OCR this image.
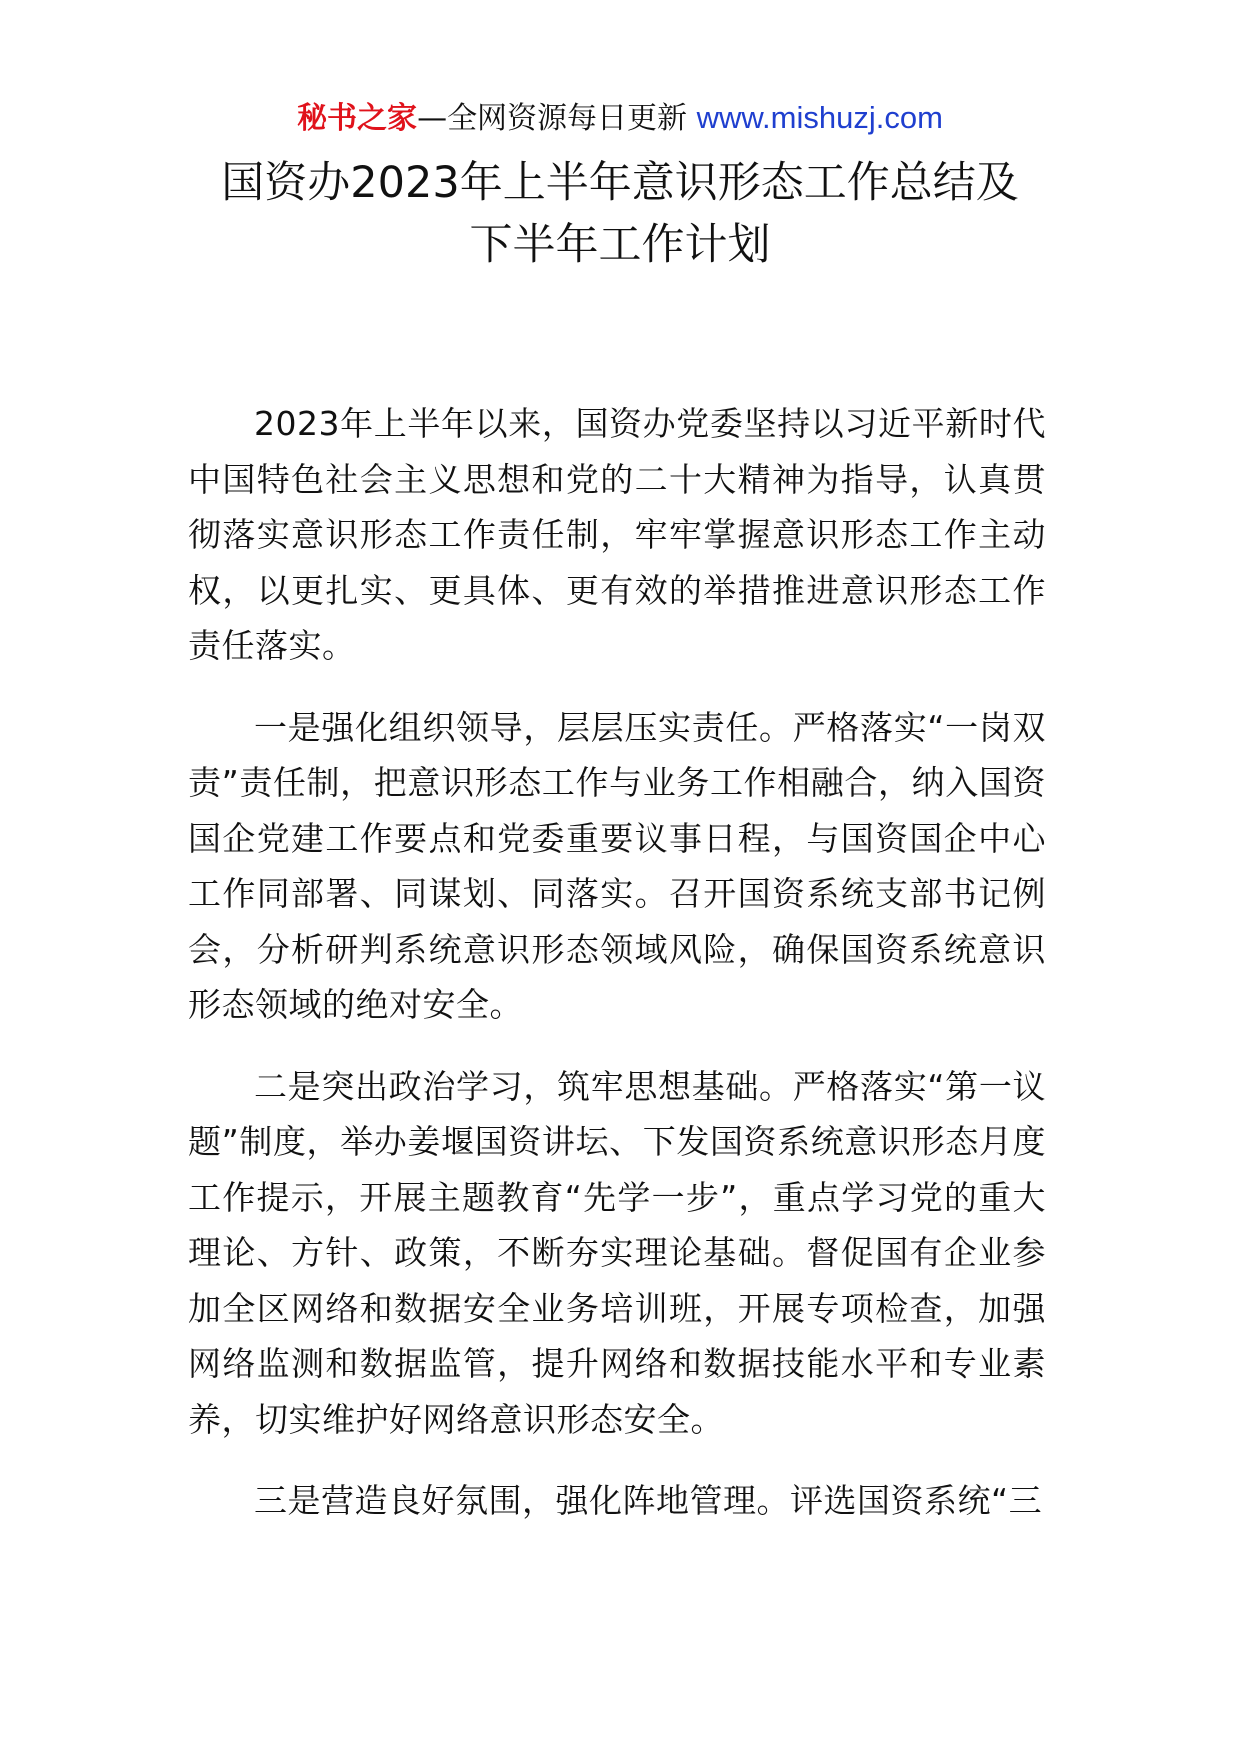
秘书之家—全网资源每日更新 www.mishuzj.com
国资办2023年上半年意识形态工作总结及
下半年工作计划

2023年上半年以来，国资办党委坚持以习近平新时代中国特色社会主义思想和党的二十大精神为指导，认真贯彻落实意识形态工作责任制，牢牢掌握意识形态工作主动权，以更扎实、更具体、更有效的举措推进意识形态工作责任落实。

一是强化组织领导，层层压实责任。严格落实“一岗双责”责任制，把意识形态工作与业务工作相融合，纳入国资国企党建工作要点和党委重要议事日程，与国资国企中心工作同部署、同谋划、同落实。召开国资系统支部书记例会，分析研判系统意识形态领域风险，确保国资系统意识形态领域的绝对安全。

二是突出政治学习，筑牢思想基础。严格落实“第一议题”制度，举办姜堰国资讲坛、下发国资系统意识形态月度工作提示，开展主题教育“先学一步”，重点学习党的重大理论、方针、政策，不断夯实理论基础。督促国有企业参加全区网络和数据安全业务培训班，开展专项检查，加强网络监测和数据监管，提升网络和数据技能水平和专业素养，切实维护好网络意识形态安全。

三是营造良好氛围，强化阵地管理。评选国资系统“三
